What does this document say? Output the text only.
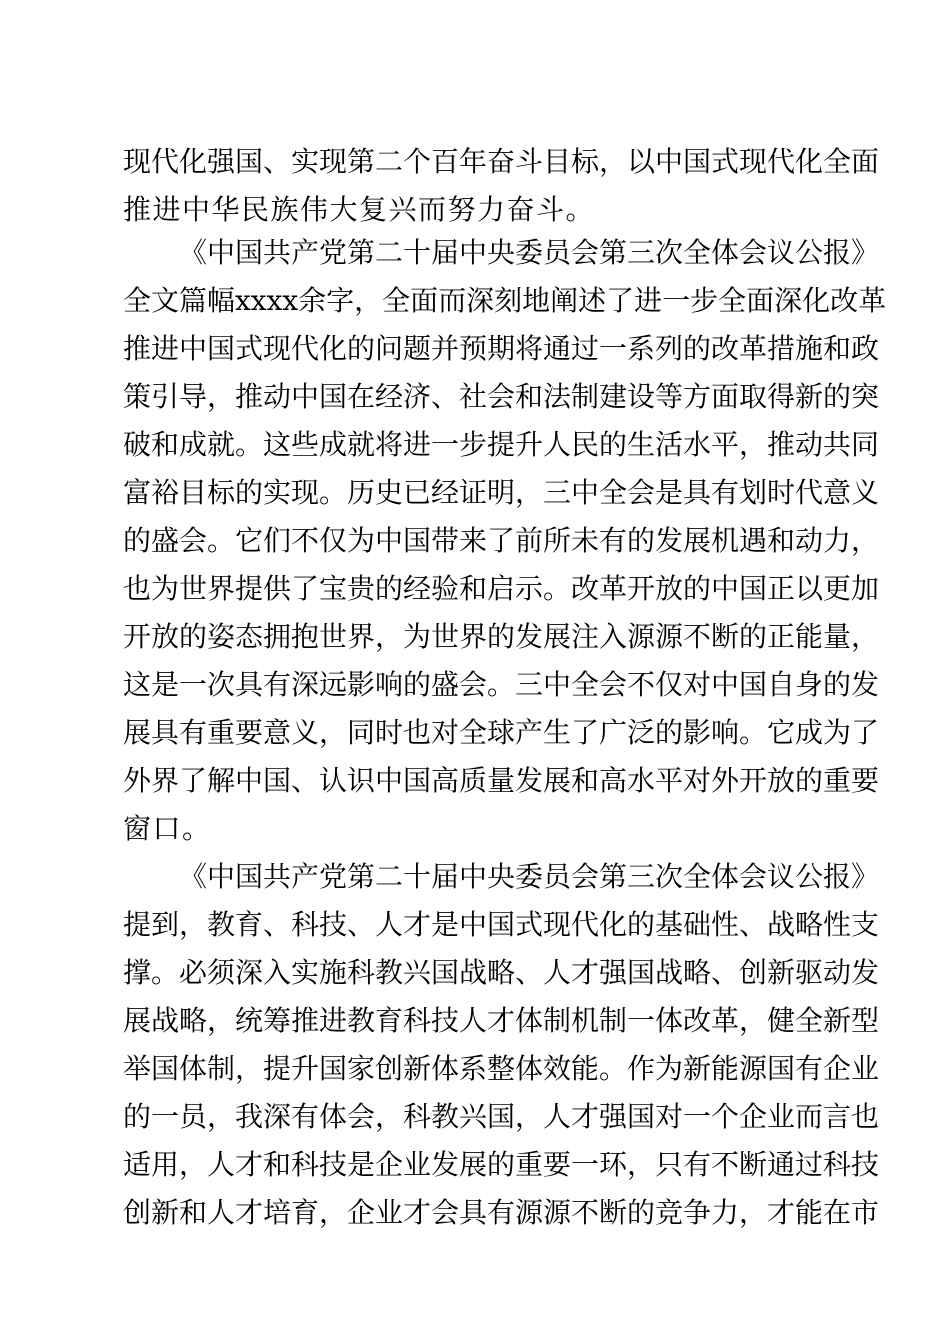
现代化强国、实现第二个百年奋斗目标，以中国式现代化全面
推进中华民族伟大复兴而努力奋斗。
《中国共产党第二十届中央委员会第三次全体会议公报》
全文篇幅xxxx余字，全面而深刻地阐述了进一步全面深化改革
推进中国式现代化的问题并预期将通过一系列的改革措施和政
策引导，推动中国在经济、社会和法制建设等方面取得新的突
破和成就。这些成就将进一步提升人民的生活水平，推动共同
富裕目标的实现。历史已经证明，三中全会是具有划时代意义
的盛会。它们不仅为中国带来了前所未有的发展机遇和动力，
也为世界提供了宝贵的经验和启示。改革开放的中国正以更加
开放的姿态拥抱世界，为世界的发展注入源源不断的正能量，
这是一次具有深远影响的盛会。三中全会不仅对中国自身的发
展具有重要意义，同时也对全球产生了广泛的影响。它成为了
外界了解中国、认识中国高质量发展和高水平对外开放的重要
窗口。
《中国共产党第二十届中央委员会第三次全体会议公报》
提到，教育、科技、人才是中国式现代化的基础性、战略性支
撑。必须深入实施科教兴国战略、人才强国战略、创新驱动发
展战略，统筹推进教育科技人才体制机制一体改革，健全新型
举国体制，提升国家创新体系整体效能。作为新能源国有企业
的一员，我深有体会，科教兴国，人才强国对一个企业而言也
适用，人才和科技是企业发展的重要一环，只有不断通过科技
创新和人才培育，企业才会具有源源不断的竞争力，才能在市
